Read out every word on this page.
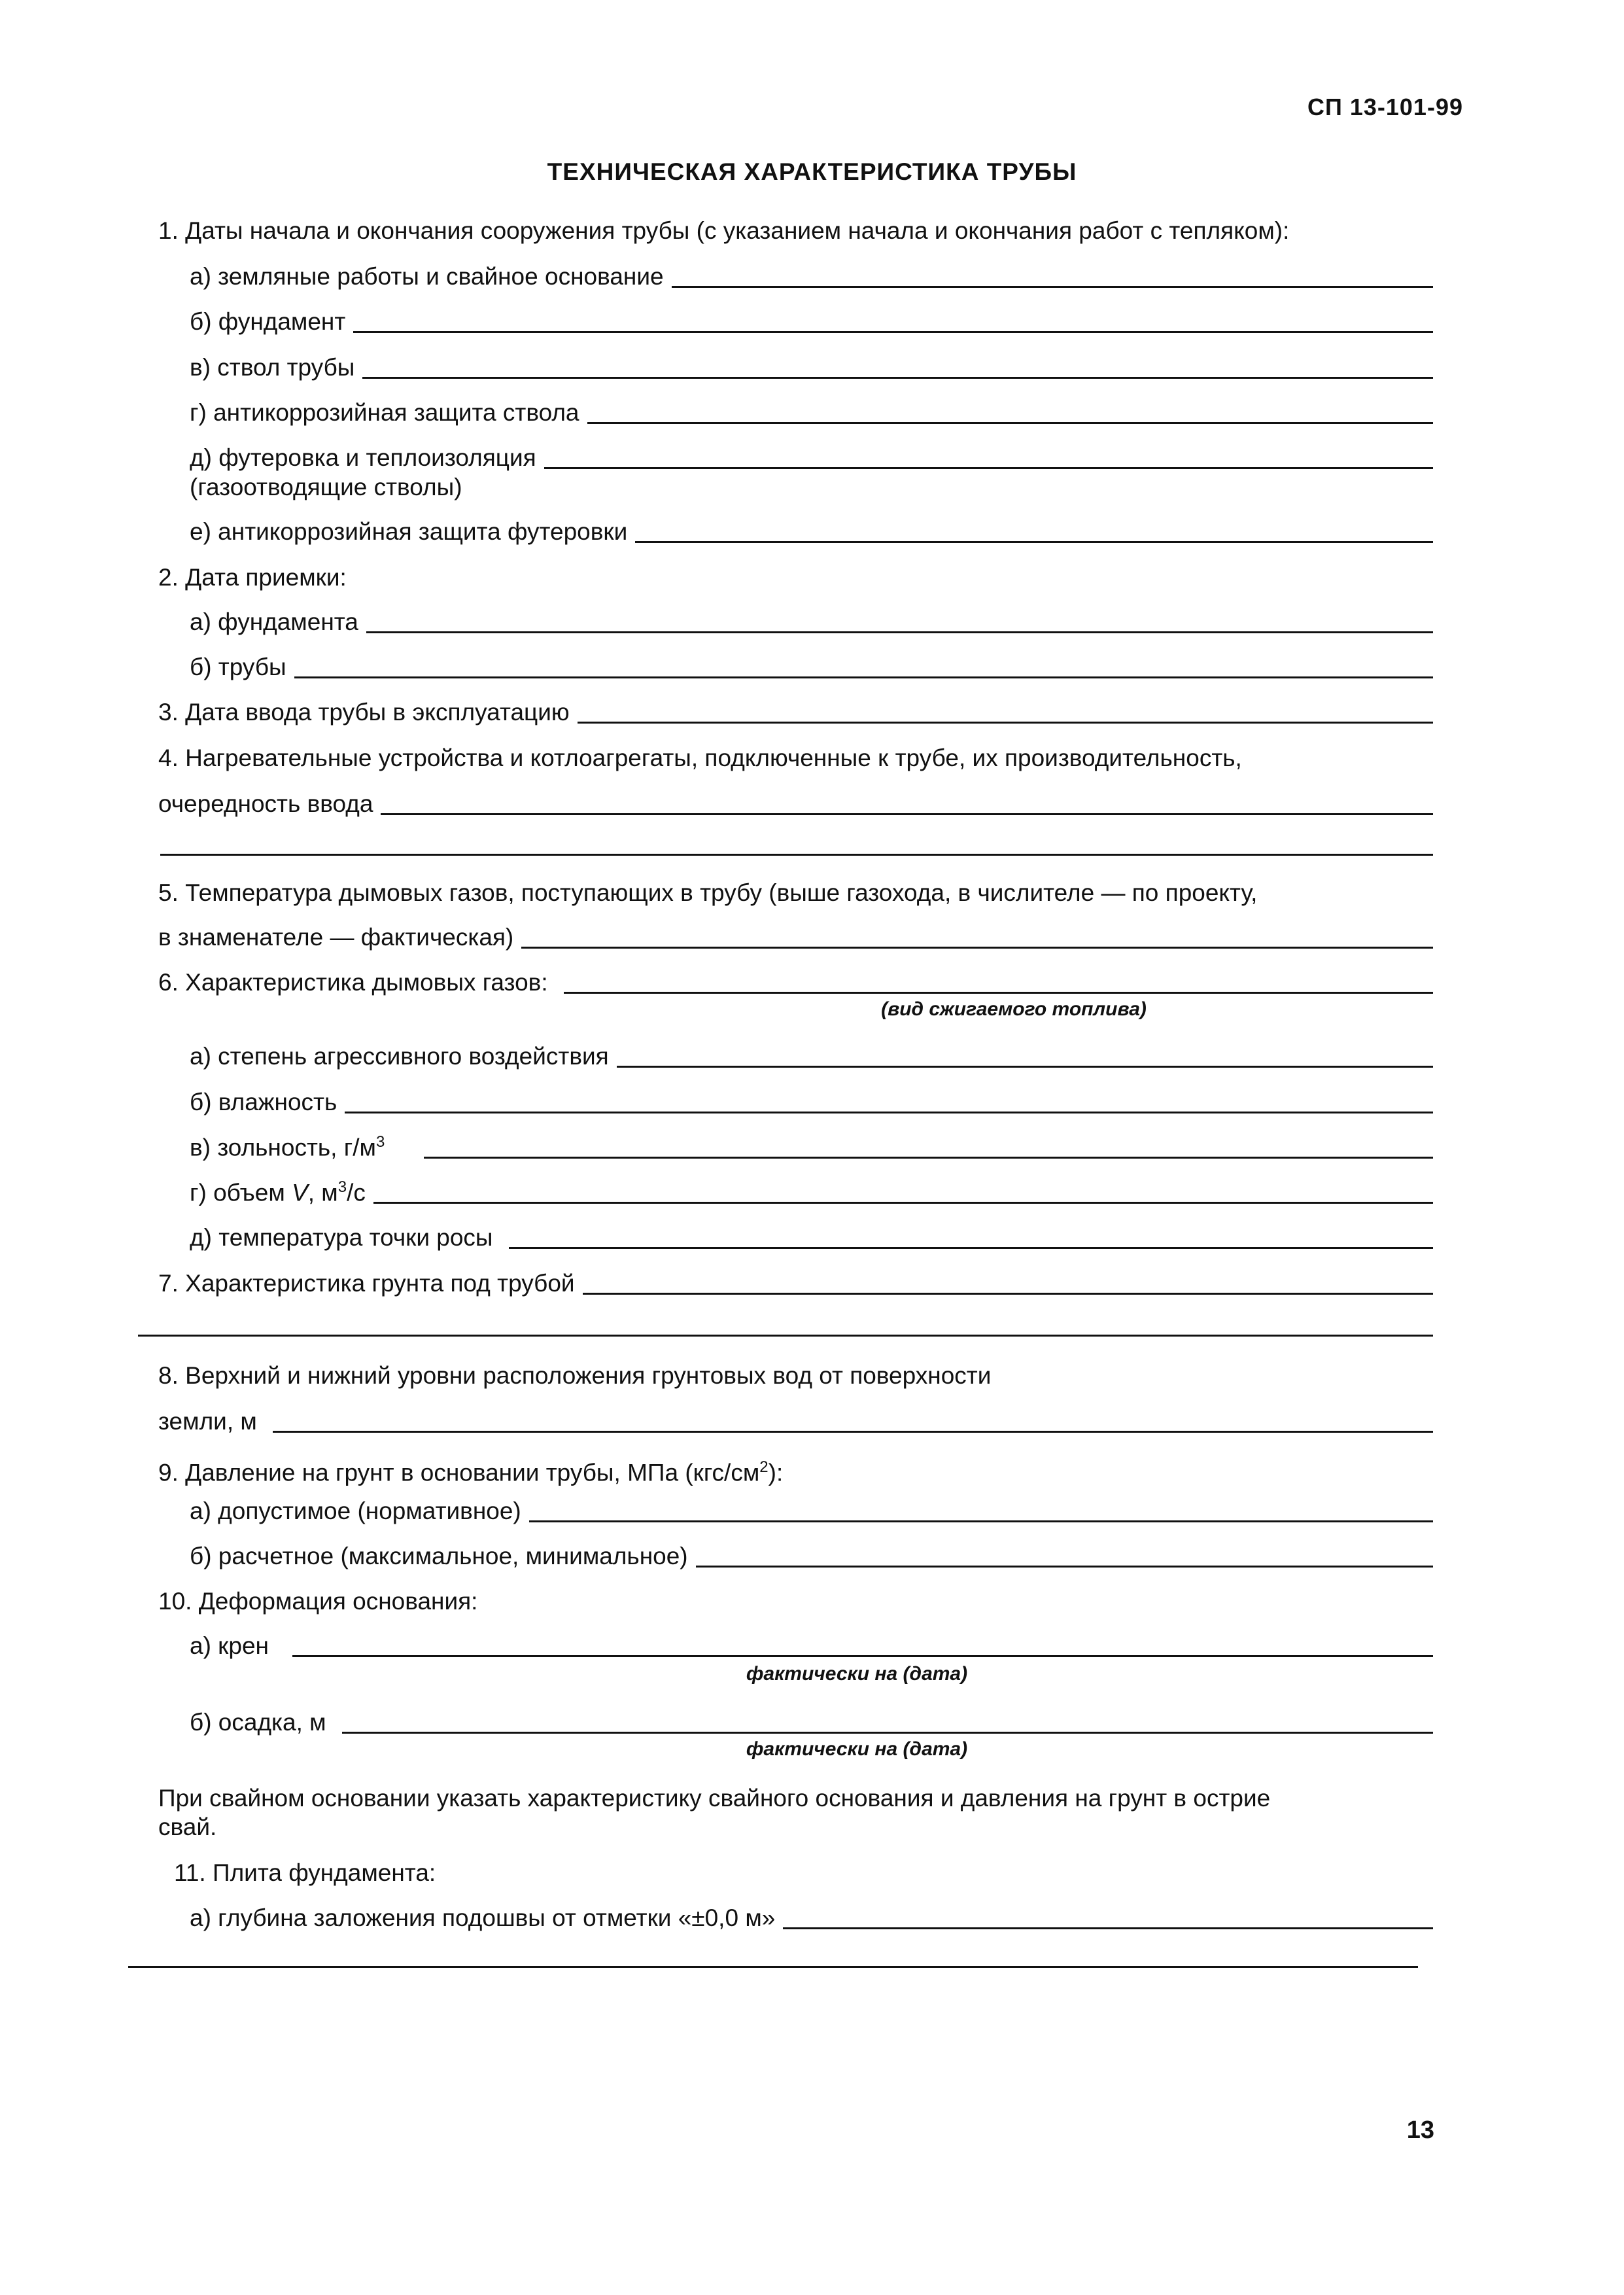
СП 13-101-99
ТЕХНИЧЕСКАЯ ХАРАКТЕРИСТИКА ТРУБЫ
1. Даты начала и окончания сооружения трубы (с указанием начала и окончания работ с тепляком):
а) земляные работы и свайное основание
б) фундамент
в) ствол трубы
г) антикоррозийная защита ствола
д) футеровка и теплоизоляция
(газоотводящие стволы)
е) антикоррозийная защита футеровки
2. Дата приемки:
а) фундамента
б) трубы
3. Дата ввода трубы в эксплуатацию
4. Нагревательные устройства и котлоагрегаты, подключенные к трубе, их производительность,
очередность ввода
5. Температура дымовых газов, поступающих в трубу (выше газохода, в числителе — по проекту,
в знаменателе — фактическая)
6. Характеристика дымовых газов:
(вид сжигаемого топлива)
а) степень агрессивного воздействия
б) влажность
в) зольность, $г/м^3$
г) объем V, $м^3/с$
д) температура точки росы
7. Характеристика грунта под трубой
8. Верхний и нижний уровни расположения грунтовых вод от поверхности
земли, м
9. Давление на грунт в основании трубы, МПа $(кгс/см^2)$:
а) допустимое (нормативное)
б) расчетное (максимальное, минимальное)
10. Деформация основания:
а) крен
фактически на (дата)
б) осадка, м
фактически на (дата)
При свайном основании указать характеристику свайного основания и давления на грунт в острие
свай.
11. Плита фундамента:
а) глубина заложения подошвы от отметки «±0,0 м»
13
